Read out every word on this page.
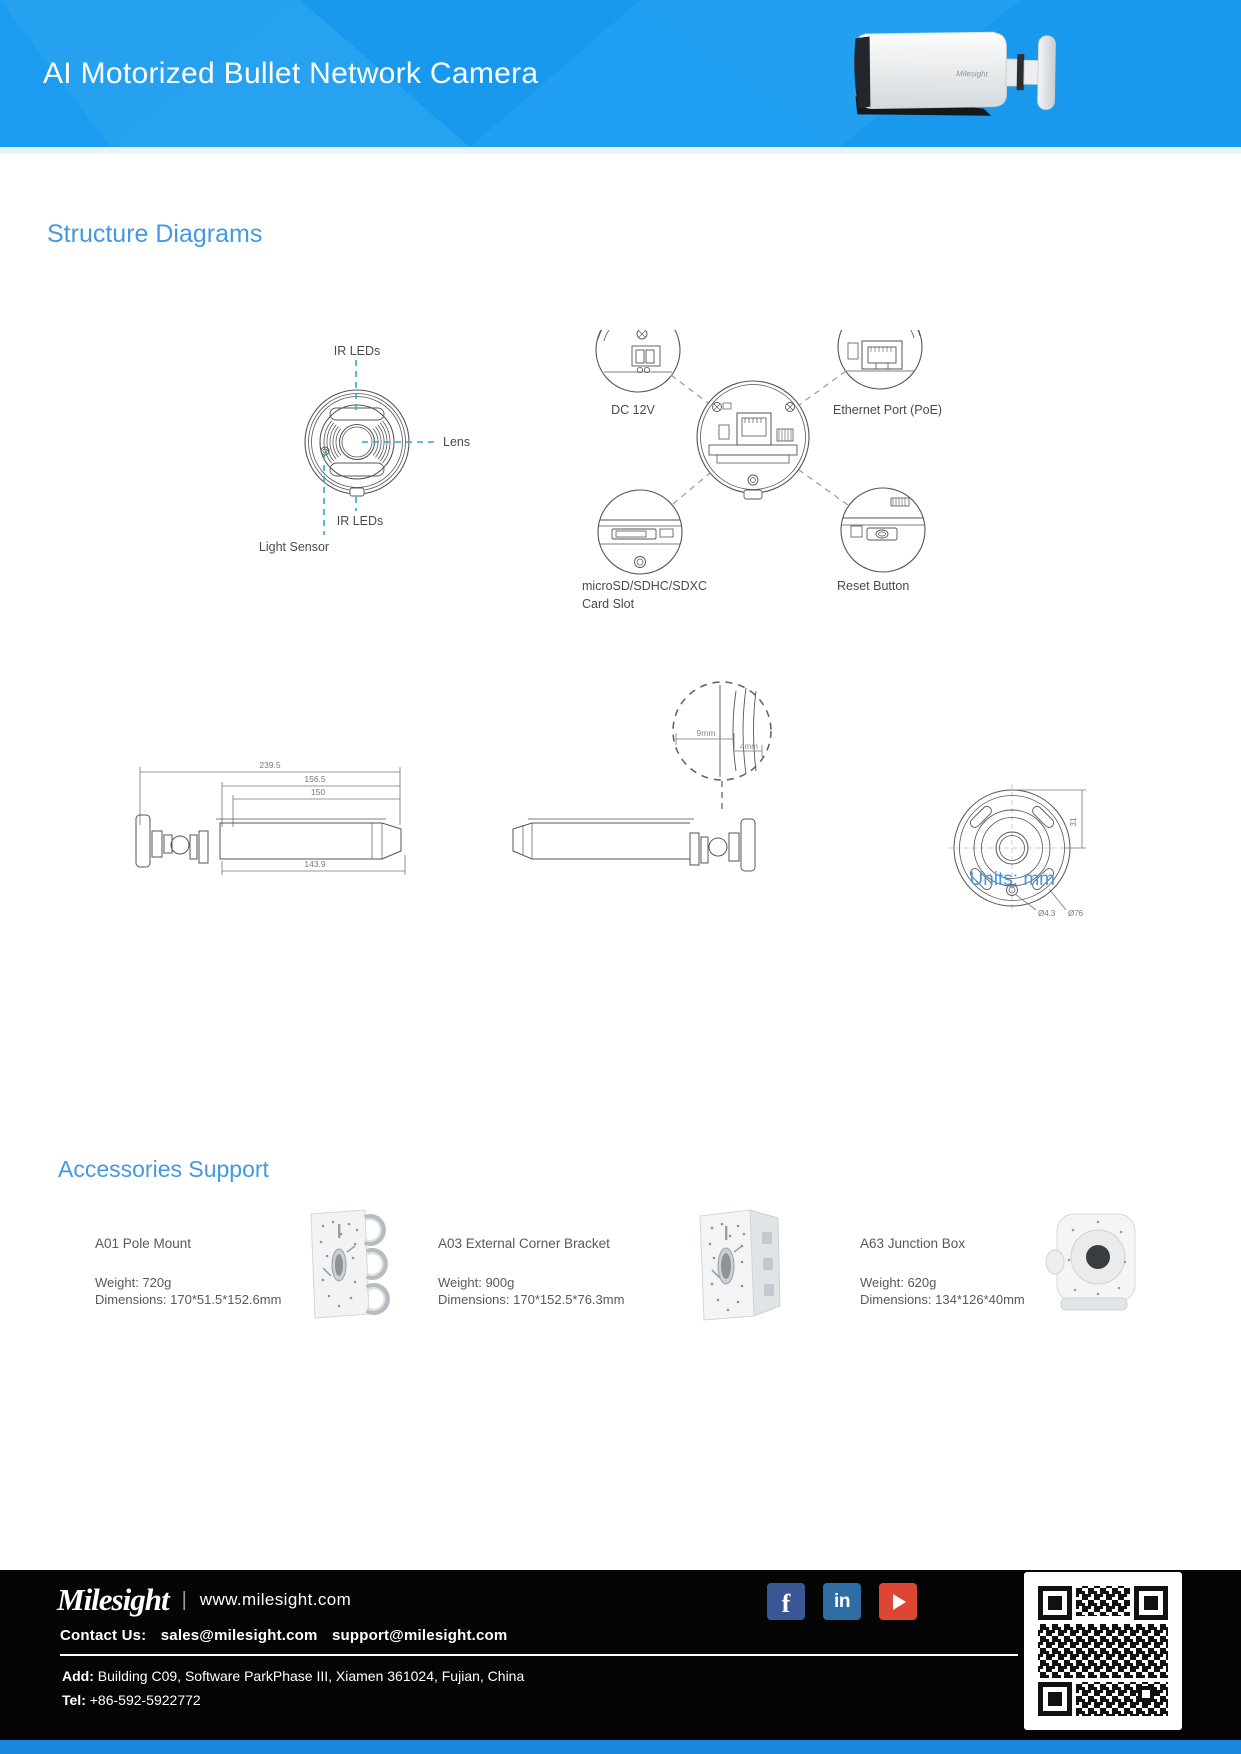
AI Motorized Bullet Network Camera	Milesight
Structure Diagrams
IR LEDs
Lens
IR LEDs
Light Sensor
DC 12V	Ethernet Port (PoE)
microSD/SDHC/SDXC
Card Slot
Reset Button
239.5
156.5
150
143.9
9mm
4mm
Ø4.3 Ø76
31
Units: mm
Accessories Support
A01 Pole Mount
Weight: 720g
Dimensions: 170*51.5*152.6mm
A03 External Corner Bracket
Weight: 900g
Dimensions: 170*152.5*76.3mm
A63 Junction Box
Weight: 620g
Dimensions: 134*126*40mm
Milesight | www.milesight.com
Contact Us: sales@milesight.com support@milesight.com
Add: Building C09, Software ParkPhase III, Xiamen 361024, Fujian, China
Tel: +86-592-5922772
f	in
